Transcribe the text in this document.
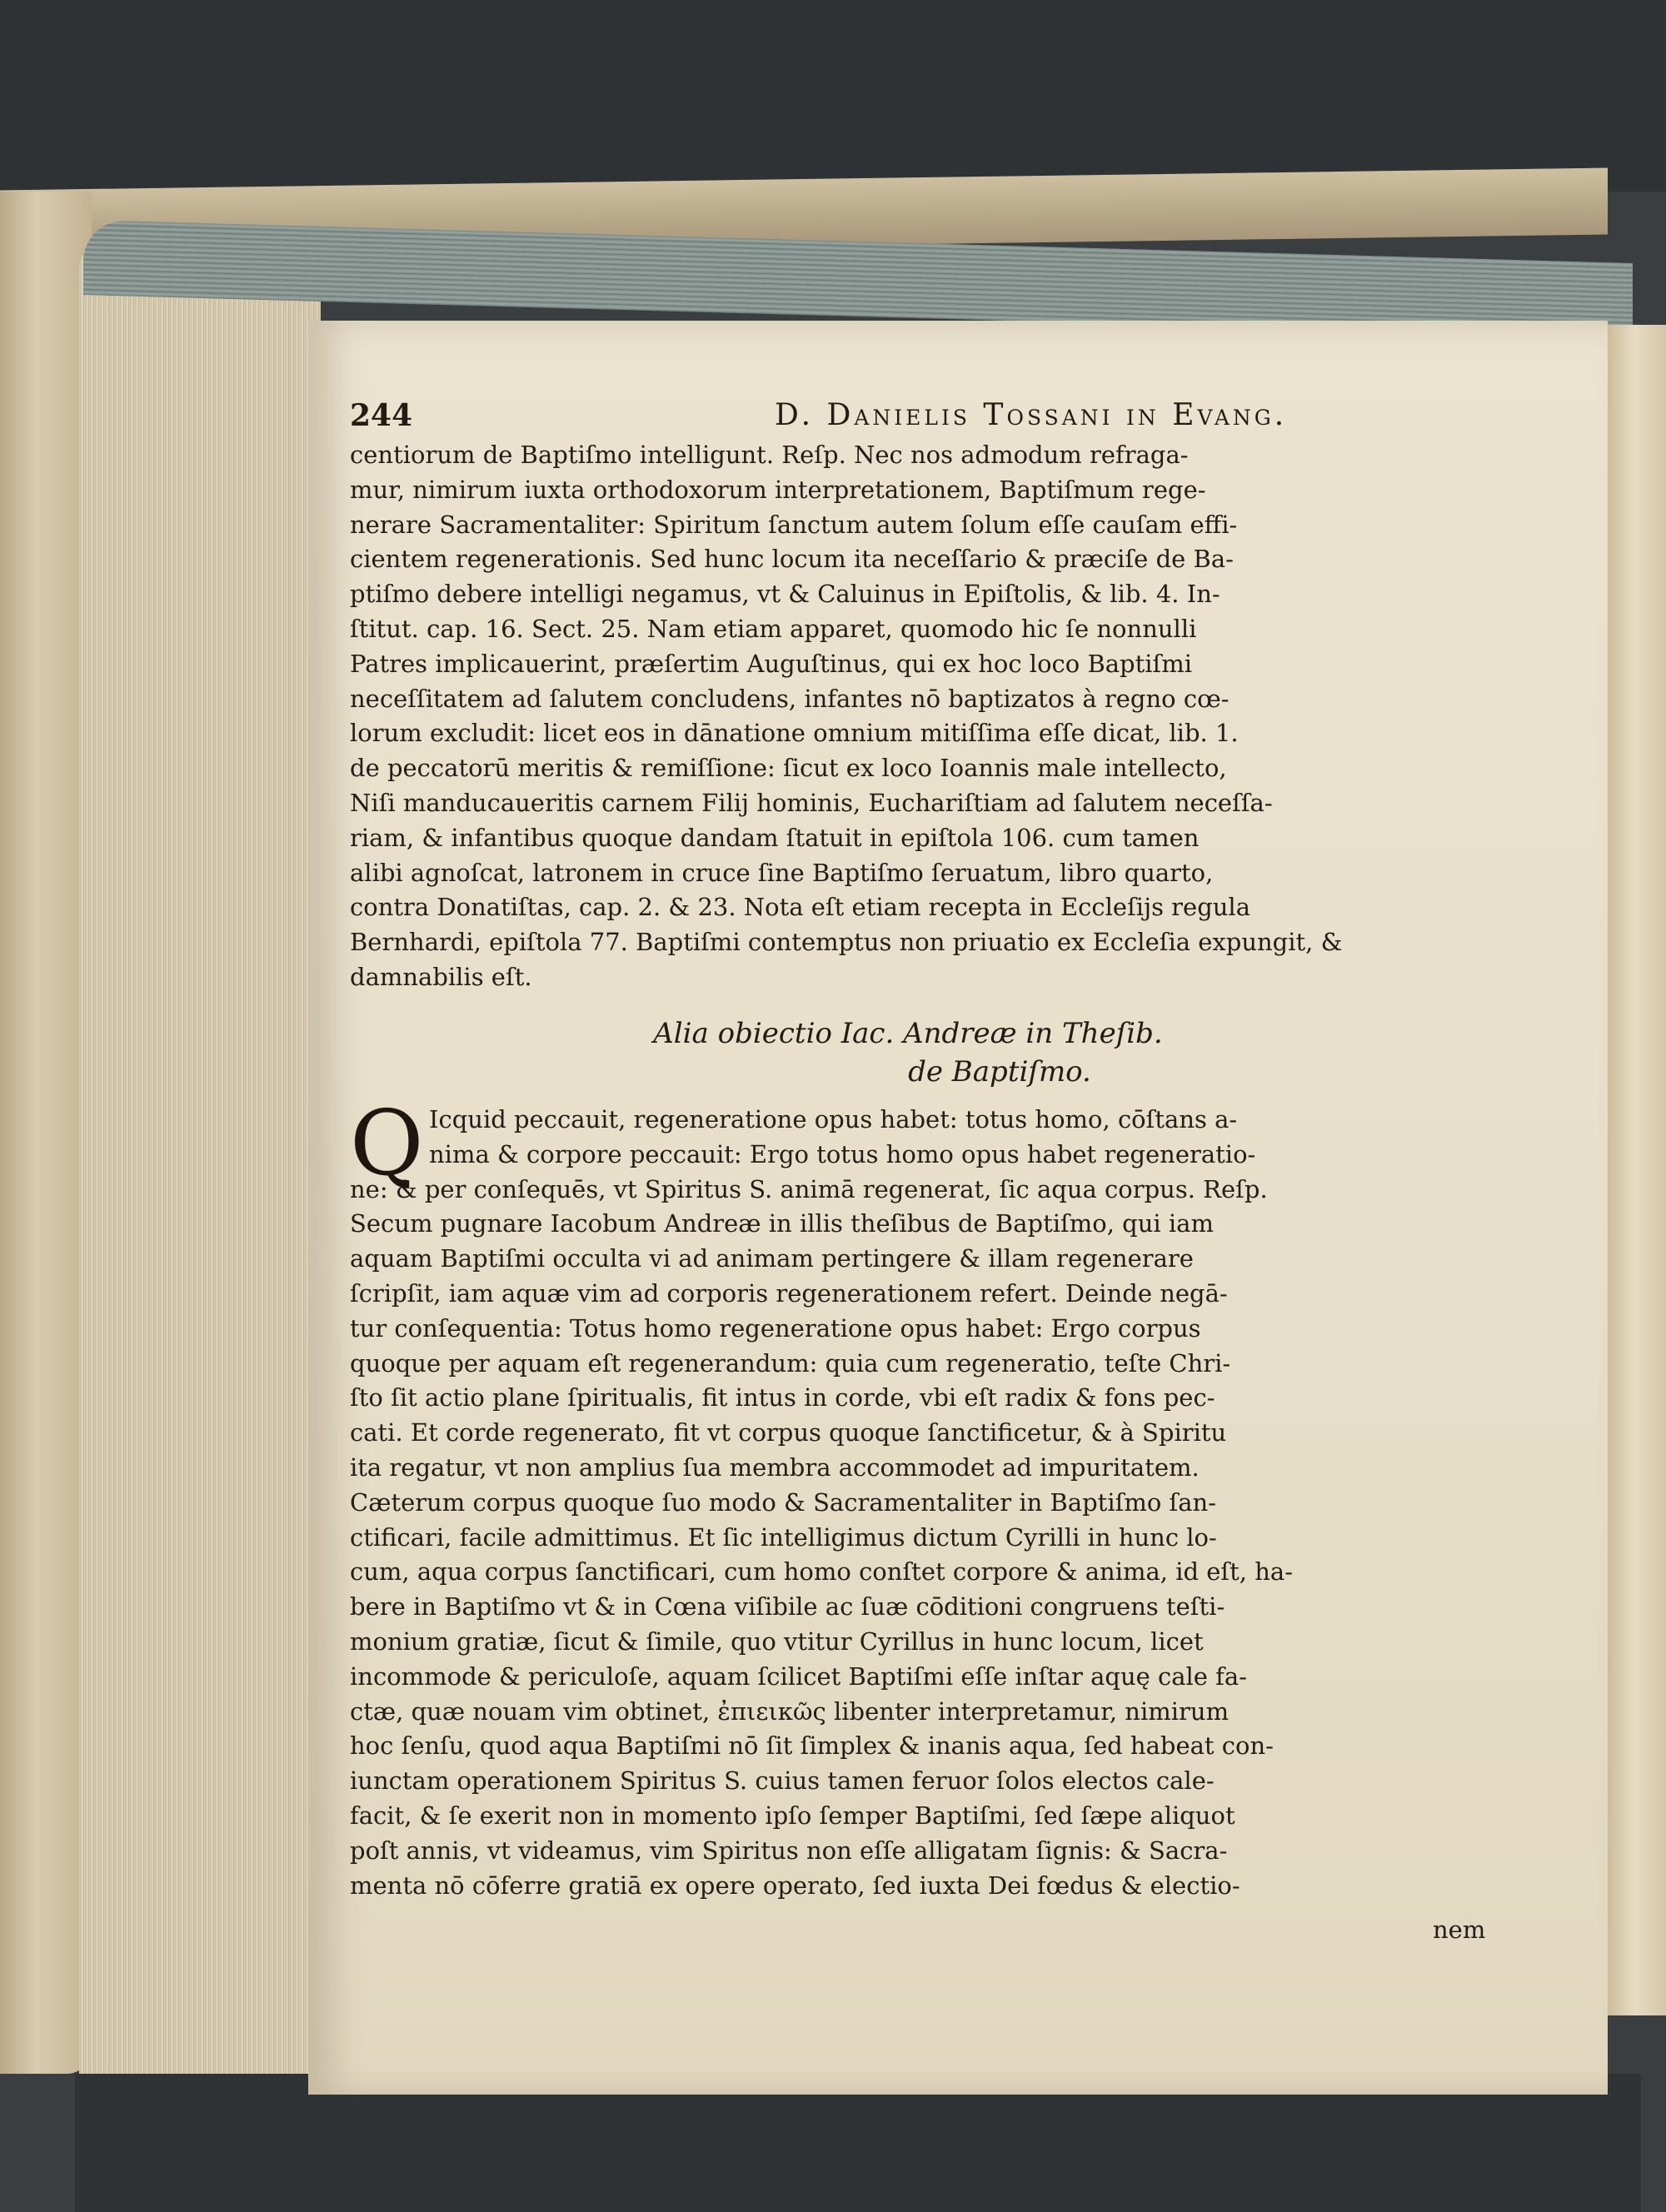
244	D. Danielis Tossani in Evang.
centiorum de Baptiſmo intelligunt. Reſp. Nec nos admodum refraga-
mur, nimirum iuxta orthodoxorum interpretationem, Baptiſmum rege-
nerare Sacramentaliter: Spiritum ſanctum autem ſolum eſſe cauſam effi-
cientem regenerationis. Sed hunc locum ita neceſſario & præciſe de Ba-
ptiſmo debere intelligi negamus, vt & Caluinus in Epiſtolis, & lib. 4. In-
ſtitut. cap. 16. Sect. 25. Nam etiam apparet, quomodo hic ſe nonnulli
Patres implicauerint, præſertim Auguſtinus, qui ex hoc loco Baptiſmi
neceſſitatem ad ſalutem concludens, infantes nō baptizatos à regno cœ-
lorum excludit: licet eos in dānatione omnium mitiſſima eſſe dicat, lib. 1.
de peccatorū meritis & remiſſione: ſicut ex loco Ioannis male intellecto,
Niſi manducaueritis carnem Filij hominis, Euchariſtiam ad ſalutem neceſſa-
riam, & infantibus quoque dandam ſtatuit in epiſtola 106. cum tamen
alibi agnoſcat, latronem in cruce ſine Baptiſmo ſeruatum, libro quarto,
contra Donatiſtas, cap. 2. & 23. Nota eſt etiam recepta in Eccleſijs regula
Bernhardi, epiſtola 77. Baptiſmi contemptus non priuatio ex Eccleſia expungit, &
damnabilis eſt.
Alia obiectio Iac. Andreæ in Theſib.
de Baptiſmo.
Q Icquid peccauit, regeneratione opus habet: totus homo, cōſtans a-
nima & corpore peccauit: Ergo totus homo opus habet regeneratio-
ne: & per conſequēs, vt Spiritus S. animā regenerat, ſic aqua corpus. Reſp.
Secum pugnare Iacobum Andreæ in illis theſibus de Baptiſmo, qui iam
aquam Baptiſmi occulta vi ad animam pertingere & illam regenerare
ſcripſit, iam aquæ vim ad corporis regenerationem refert. Deinde negā-
tur conſequentia: Totus homo regeneratione opus habet: Ergo corpus
quoque per aquam eſt regenerandum: quia cum regeneratio, teſte Chri-
ſto ſit actio plane ſpiritualis, fit intus in corde, vbi eſt radix & fons pec-
cati. Et corde regenerato, fit vt corpus quoque ſanctificetur, & à Spiritu
ita regatur, vt non amplius ſua membra accommodet ad impuritatem.
Cæterum corpus quoque ſuo modo & Sacramentaliter in Baptiſmo ſan-
ctificari, facile admittimus. Et ſic intelligimus dictum Cyrilli in hunc lo-
cum, aqua corpus ſanctificari, cum homo conſtet corpore & anima, id eſt, ha-
bere in Baptiſmo vt & in Cœna viſibile ac ſuæ cōditioni congruens teſti-
monium gratiæ, ſicut & ſimile, quo vtitur Cyrillus in hunc locum, licet
incommode & periculoſe, aquam ſcilicet Baptiſmi eſſe inſtar aquę cale fa-
ctæ, quæ nouam vim obtinet, ἐπιεικῶς libenter interpretamur, nimirum
hoc ſenſu, quod aqua Baptiſmi nō ſit ſimplex & inanis aqua, ſed habeat con-
iunctam operationem Spiritus S. cuius tamen feruor ſolos electos cale-
facit, & ſe exerit non in momento ipſo ſemper Baptiſmi, ſed ſæpe aliquot
poſt annis, vt videamus, vim Spiritus non eſſe alligatam ſignis: & Sacra-
menta nō cōferre gratiā ex opere operato, ſed iuxta Dei fœdus & electio-
nem
